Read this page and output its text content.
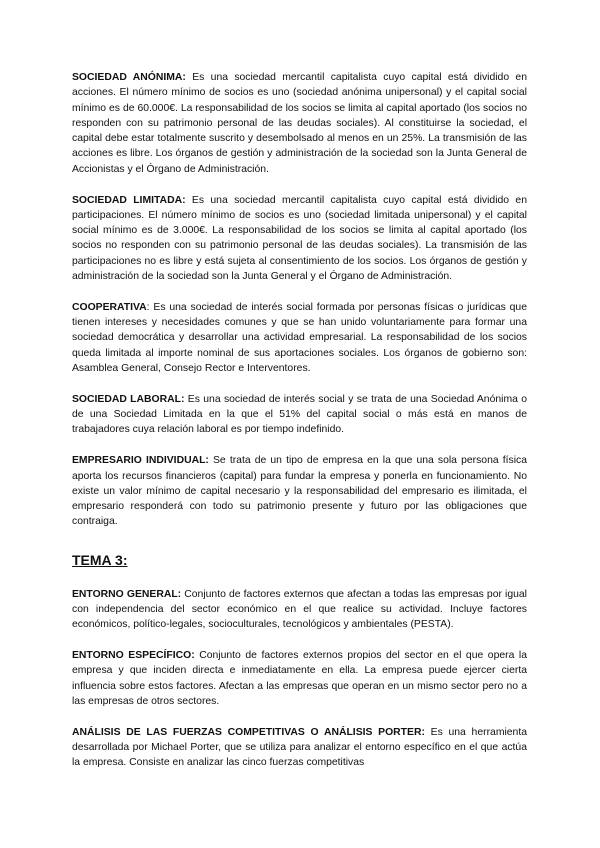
SOCIEDAD ANÓNIMA: Es una sociedad mercantil capitalista cuyo capital está dividido en acciones. El número mínimo de socios es uno (sociedad anónima unipersonal) y el capital social mínimo es de 60.000€. La responsabilidad de los socios se limita al capital aportado (los socios no responden con su patrimonio personal de las deudas sociales). Al constituirse la sociedad, el capital debe estar totalmente suscrito y desembolsado al menos en un 25%. La transmisión de las acciones es libre. Los órganos de gestión y administración de la sociedad son la Junta General de Accionistas y el Órgano de Administración.

SOCIEDAD LIMITADA: Es una sociedad mercantil capitalista cuyo capital está dividido en participaciones. El número mínimo de socios es uno (sociedad limitada unipersonal) y el capital social mínimo es de 3.000€. La responsabilidad de los socios se limita al capital aportado (los socios no responden con su patrimonio personal de las deudas sociales). La transmisión de las participaciones no es libre y está sujeta al consentimiento de los socios. Los órganos de gestión y administración de la sociedad son la Junta General y el Órgano de Administración.

COOPERATIVA: Es una sociedad de interés social formada por personas físicas o jurídicas que tienen intereses y necesidades comunes y que se han unido voluntariamente para formar una sociedad democrática y desarrollar una actividad empresarial. La responsabilidad de los socios queda limitada al importe nominal de sus aportaciones sociales. Los órganos de gobierno son: Asamblea General, Consejo Rector e Interventores.

SOCIEDAD LABORAL: Es una sociedad de interés social y se trata de una Sociedad Anónima o de una Sociedad Limitada en la que el 51% del capital social o más está en manos de trabajadores cuya relación laboral es por tiempo indefinido.

EMPRESARIO INDIVIDUAL: Se trata de un tipo de empresa en la que una sola persona física aporta los recursos financieros (capital) para fundar la empresa y ponerla en funcionamiento. No existe un valor mínimo de capital necesario y la responsabilidad del empresario es ilimitada, el empresario responderá con todo su patrimonio presente y futuro por las obligaciones que contraiga.

TEMA 3:

ENTORNO GENERAL: Conjunto de factores externos que afectan a todas las empresas por igual con independencia del sector económico en el que realice su actividad. Incluye factores económicos, político-legales, socioculturales, tecnológicos y ambientales (PESTA).

ENTORNO ESPECÍFICO: Conjunto de factores externos propios del sector en el que opera la empresa y que inciden directa e inmediatamente en ella. La empresa puede ejercer cierta influencia sobre estos factores. Afectan a las empresas que operan en un mismo sector pero no a las empresas de otros sectores.

ANÁLISIS DE LAS FUERZAS COMPETITIVAS O ANÁLISIS PORTER: Es una herramienta desarrollada por Michael Porter, que se utiliza para analizar el entorno específico en el que actúa la empresa. Consiste en analizar las cinco fuerzas competitivas
